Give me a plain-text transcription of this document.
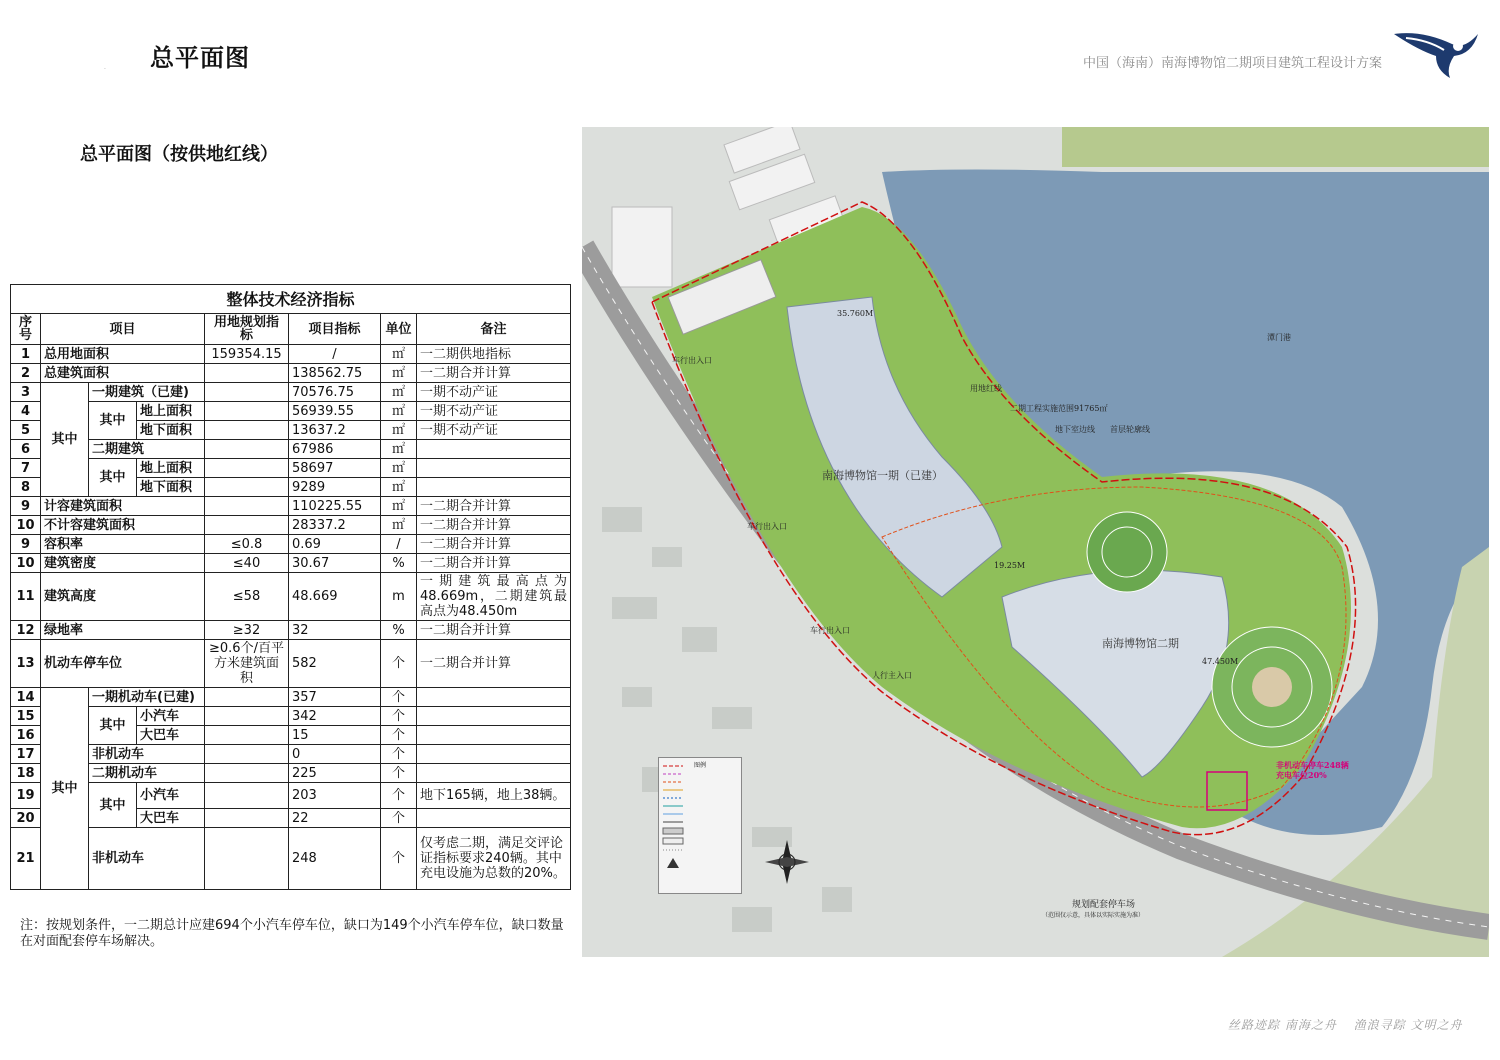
总平面图
·	中国（海南）南海博物馆二期项目建筑工程设计方案
总平面图（按供地红线）
整体技术经济指标							
序号	项目			用地规划指标	项目指标	单位	备注
1	总用地面积			159354.15	/	㎡	一二期供地指标
2	总建筑面积				138562.75	㎡	一二期合并计算
3	其中	一期建筑（已建)			70576.75	㎡	一期不动产证
4		其中	地上面积		56939.55	㎡	一期不动产证
5			地下面积		13637.2	㎡	一期不动产证
6		二期建筑			67986	㎡	
7		其中	地上面积		58697	㎡	
8			地下面积		9289	㎡	
9	计容建筑面积				110225.55	㎡	一二期合并计算
10	不计容建筑面积				28337.2	㎡	一二期合并计算
9	容积率			≤0.8	0.69	/	一二期合并计算
10	建筑密度			≤40	30.67	%	一二期合并计算
11	建筑高度			≤58	48.669	m	一期建筑最高点为48.669m，二期建筑最高点为48.450m
12	绿地率			≥32	32	%	一二期合并计算
13	机动车停车位			≥0.6个/百平方米建筑面积	582	个	一二期合并计算
14	其中	一期机动车(已建)			357	个	
15		其中	小汽车		342	个	
16			大巴车		15	个	
17		非机动车			0	个	
18		二期机动车			225	个	
19		其中	小汽车		203	个	地下165辆，地上38辆。
20			大巴车		22	个	
21		非机动车			248	个	仅考虑二期，满足交评论证指标要求240辆。其中充电设施为总数的20%。
注：按规划条件，一二期总计应建694个小汽车停车位，缺口为149个小汽车停车位，缺口数量在对面配套停车场解决。
南海博物馆一期（已建）
南海博物馆二期
35.760M
47.450M
19.25M
用地红线
二期工程实施范围91765㎡
地下室边线 首层轮廓线
潭门港
车行出入口
车行出入口
车行出入口
人行主入口
非机动车停车248辆
充电车位20%
规划配套停车场
（范围仅示意，具体以实际实施为准）
图例
丝路迹踪 南海之舟 渔浪寻踪 文明之舟
